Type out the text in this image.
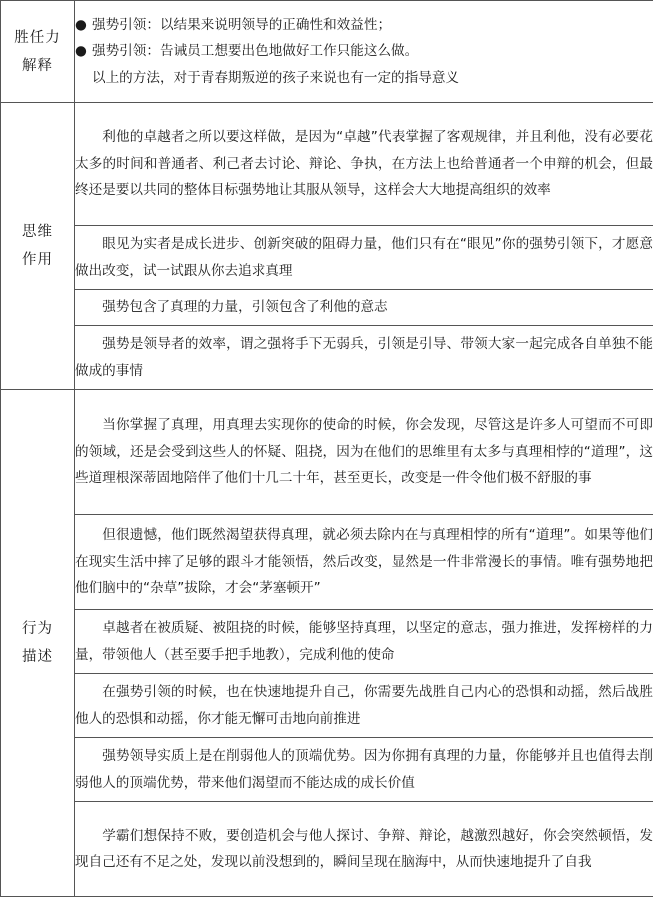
胜任力
解释	● 强势引领：以结果来说明领导的正确性和效益性；
● 强势引领：告诫员工想要出色地做好工作只能这么做。
以上的方法，对于青春期叛逆的孩子来说也有一定的指导意义

思维
作用	利他的卓越者之所以要这样做，是因为“卓越”代表掌握了客观规律，并且利他，没有必要花太多的时间和普通者、利己者去讨论、辩论、争执，在方法上也给普通者一个申辩的机会，但最终还是要以共同的整体目标强势地让其服从领导，这样会大大地提高组织的效率
	眼见为实者是成长进步、创新突破的阻碍力量，他们只有在“眼见”你的强势引领下，才愿意做出改变，试一试跟从你去追求真理
	强势包含了真理的力量，引领包含了利他的意志
	强势是领导者的效率，谓之强将手下无弱兵，引领是引导、带领大家一起完成各自单独不能做成的事情

行为
描述	当你掌握了真理，用真理去实现你的使命的时候，你会发现，尽管这是许多人可望而不可即的领域，还是会受到这些人的怀疑、阻挠，因为在他们的思维里有太多与真理相悖的“道理”，这些道理根深蒂固地陪伴了他们十几二十年，甚至更长，改变是一件令他们极不舒服的事
	但很遗憾，他们既然渴望获得真理，就必须去除内在与真理相悖的所有“道理”。如果等他们在现实生活中摔了足够的跟斗才能领悟，然后改变，显然是一件非常漫长的事情。唯有强势地把他们脑中的“杂草”拔除，才会“茅塞顿开”
	卓越者在被质疑、被阻挠的时候，能够坚持真理，以坚定的意志，强力推进，发挥榜样的力量，带领他人（甚至要手把手地教），完成利他的使命
	在强势引领的时候，也在快速地提升自己，你需要先战胜自己内心的恐惧和动摇，然后战胜他人的恐惧和动摇，你才能无懈可击地向前推进
	强势领导实质上是在削弱他人的顶端优势。因为你拥有真理的力量，你能够并且也值得去削弱他人的顶端优势，带来他们渴望而不能达成的成长价值
	学霸们想保持不败，要创造机会与他人探讨、争辩、辩论，越激烈越好，你会突然顿悟，发现自己还有不足之处，发现以前没想到的，瞬间呈现在脑海中，从而快速地提升了自我
